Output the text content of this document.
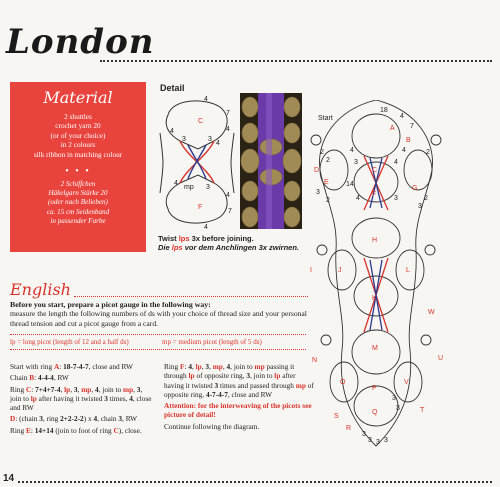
London
Material
2 shuttles
crochet yarn 20
(or of your choice)
in 2 colours
silk ribbon in matching colour
• • •
2 Schiffchen
Häkelgarn Stärke 20
(oder nach Belieben)
ca. 15 cm Seidenband
in passender Farbe
Detail
C
F
4
7
4
4
3	3
4
4
mp 3
4
7
4
Twist lps 3x before joining.
Die lps vor dem Anchlingen 3x zwirnen.
Start
18
A
B
C
D
E
F
G
H
I	J
K
L
M
N
O
P
Q
R
S
T
U
V
W
14
4
7
4
4
3	4
4	3
2
2
3
2
2
2
3
3
3 3 3
3
3
English
Before you start, prepare a picot gauge in the following way:
measure the length the following numbers of ds with your choice of thread size and your personal thread tension and cut a picot gauge from a card.
lp = long picot (length of 12 and a half ds)	mp = medium picot (length of 5 ds)

Start with ring A: 18-7-4-7, close and RW

Chain B: 4-4-4, RW

Ring C: 7+4+7-4, lp, 3, mp, 4, join to mp, 3, join to lp after having it twisted 3 times, 4, close and RW

D: (chain 3, ring 2+2-2-2) x 4, chain 3, RW

Ring E: 14+14 (join to foot of ring C), close.

Ring F: 4, lp, 3, mp, 4, join to mp passing it through lp of opposite ring, 3, join to lp after having it twisted 3 times and passed through mp of opposite ring, 4-7-4-7, close and RW

Attention: for the interweaving of the picots see picture of detail!

Continue following the diagram.

14
